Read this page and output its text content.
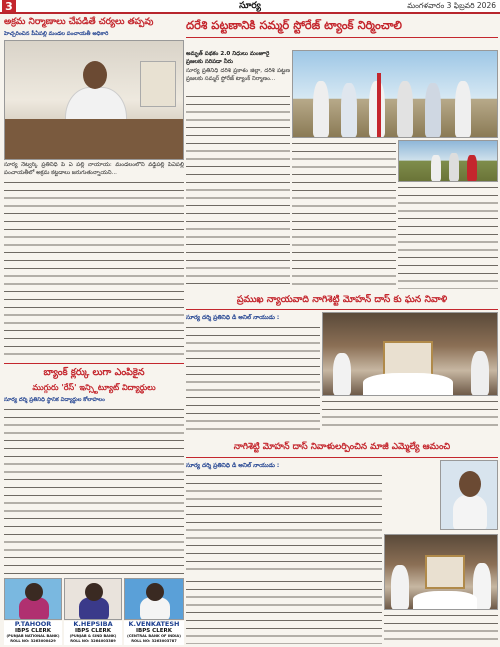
3	సూర్య	మంగళవారం 3 ఫిబ్రవరి 2026
అక్రమ నిర్మాణాలు చేపడితే చర్యలు తప్పవు
హెచ్చరించిన పీఏపల్లి మండల పంచాయతీ అధికారి
సూర్య నెట్వర్క్ ప్రతినిధి పి ఏ పల్లి నాయాయ: మండలంలోని వడ్డిపల్లి పీఏపల్లి పంచాయతీలో అక్రమ కట్టడాలు జరుగుతున్నాయని...
బ్యాంక్ క్లర్కు లుగా ఎంపికైన
ముగ్గురు 'రేస్' ఇన్స్టిట్యూట్ విద్యార్థులు
సూర్య దర్శి ప్రతినిధి స్థానిక విద్యార్థుల కోలాహలం
P.TAHOOR
IBPS CLERK
(PUNJAB NATIONAL BANK)
ROLL NO: 3263000429
K.HEPSIBA
IBPS CLERK
(PUNJAB & SIND BANK)
ROLL NO: 3264003389
K.VENKATESH
IBPS CLERK
(CENTRAL BANK OF INDIA)
ROLL NO: 3263003787
దరేశి పట్టణానికి సమ్మర్ స్టోరేజ్ ట్యాంక్ నిర్మించాలి
అమృత్ పథకం 2.0 నిధులు మంజూరై
ప్రజలకు సరిపడా నీరు
సూర్య ప్రతినిధి దరిశి ప్రకాశం జిల్లా, దరిశి పట్టణ ప్రజలకు సమ్మర్ స్టోరేజ్ ట్యాంక్ నిర్మాణం...
ప్రముఖ న్యాయవాది నాగిశెట్టి మోహన్ దాస్ కు ఘన నివాళి
సూర్య దర్శి ప్రతినిధి డి అనిల్ నాయుడు :
నాగిశెట్టి మోహన్ దాస్ నివాళులర్పించిన మాజీ ఎమ్మెల్యే ఆమంచి
సూర్య దర్శి ప్రతినిధి డి అనిల్ నాయుడు :
